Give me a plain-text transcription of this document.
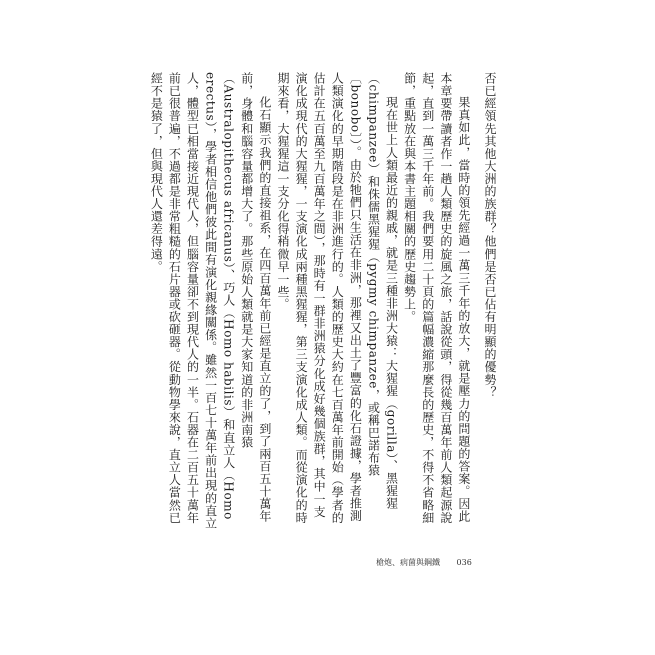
否已經領先其他大洲的族群？他們是否已佔有明顯的優勢？

果真如此，當時的領先經過一萬三千年的放大，就是壓力的問題的答案。因此本章要帶讀者作一趟人類歷史的旋風之旅，話說從頭，得從幾百萬年前人類起源說起，直到一萬三千年前。我們要用二十頁的篇幅濃縮那麼長的歷史，不得不省略細節，重點放在與本書主題相關的歷史趨勢上。

現在世上人類最近的親戚，就是三種非洲大猿：大猩猩（gorilla）、黑猩猩（chimpanzee）和侏儒黑猩猩（pygmy chimpanzee，或稱巴諾布猿〔bonobo〕）。由於牠們只生活在非洲，那裡又出土了豐富的化石證據，學者推測人類演化的早期階段是在非洲進行的。人類的歷史大約在七百萬年前開始（學者的估計在五百萬至九百萬年之間），那時有一群非洲猿分化成好幾個族群，其中一支演化成現代的大猩猩，一支演化成兩種黑猩猩，第三支演化成人類。而從演化的時期來看，大猩猩這一支分化得稍微早一些。

化石顯示我們的直接祖系，在四百萬年前已經是直立的了，到了兩百五十萬年前，身體和腦容量都增大了。那些原始人類就是大家知道的非洲南猿（Australopithecus africanus）、巧人（Homo habilis）和直立人（Homo erectus），學者相信他們彼此間有演化親緣關係。雖然一百七十萬年前出現的直立人，體型已相當接近現代人，但腦容量卻不到現代人的一半。石器在二百五十萬年前已很普遍，不過都是非常粗糙的石片器或砍砸器。從動物學來說，直立人當然已經不是猿了，但與現代人還差得遠。

槍炮、病菌與鋼鐵 036
